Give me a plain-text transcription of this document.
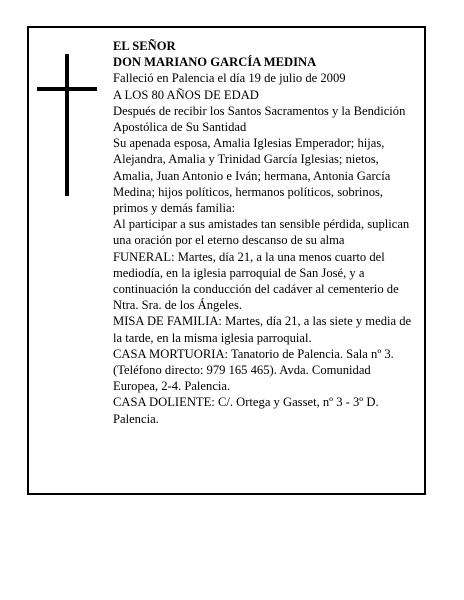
EL SEÑOR

DON MARIANO GARCÍA MEDINA

Falleció en Palencia el día 19 de julio de 2009

A LOS 80 AÑOS DE EDAD

Después de recibir los Santos Sacramentos y la Bendición Apostólica de Su Santidad

Su apenada esposa, Amalia Iglesias Emperador; hijas, Alejandra, Amalia y Trinidad García Iglesias; nietos, Amalia, Juan Antonio e Iván; hermana, Antonia García Medina; hijos políticos, hermanos políticos, sobrinos, primos y demás familia:

Al participar a sus amistades tan sensible pérdida, suplican una oración por el eterno descanso de su alma

FUNERAL: Martes, día 21, a la una menos cuarto del mediodía, en la iglesia parroquial de San José, y a continuación la conducción del cadáver al cementerio de Ntra. Sra. de los Ángeles.

MISA DE FAMILIA: Martes, día 21, a las siete y media de la tarde, en la misma iglesia parroquial.

CASA MORTUORIA: Tanatorio de Palencia. Sala nº 3. (Teléfono directo: 979 165 465). Avda. Comunidad Europea, 2-4. Palencia.

CASA DOLIENTE: C/. Ortega y Gasset, nº 3 - 3º D. Palencia.
